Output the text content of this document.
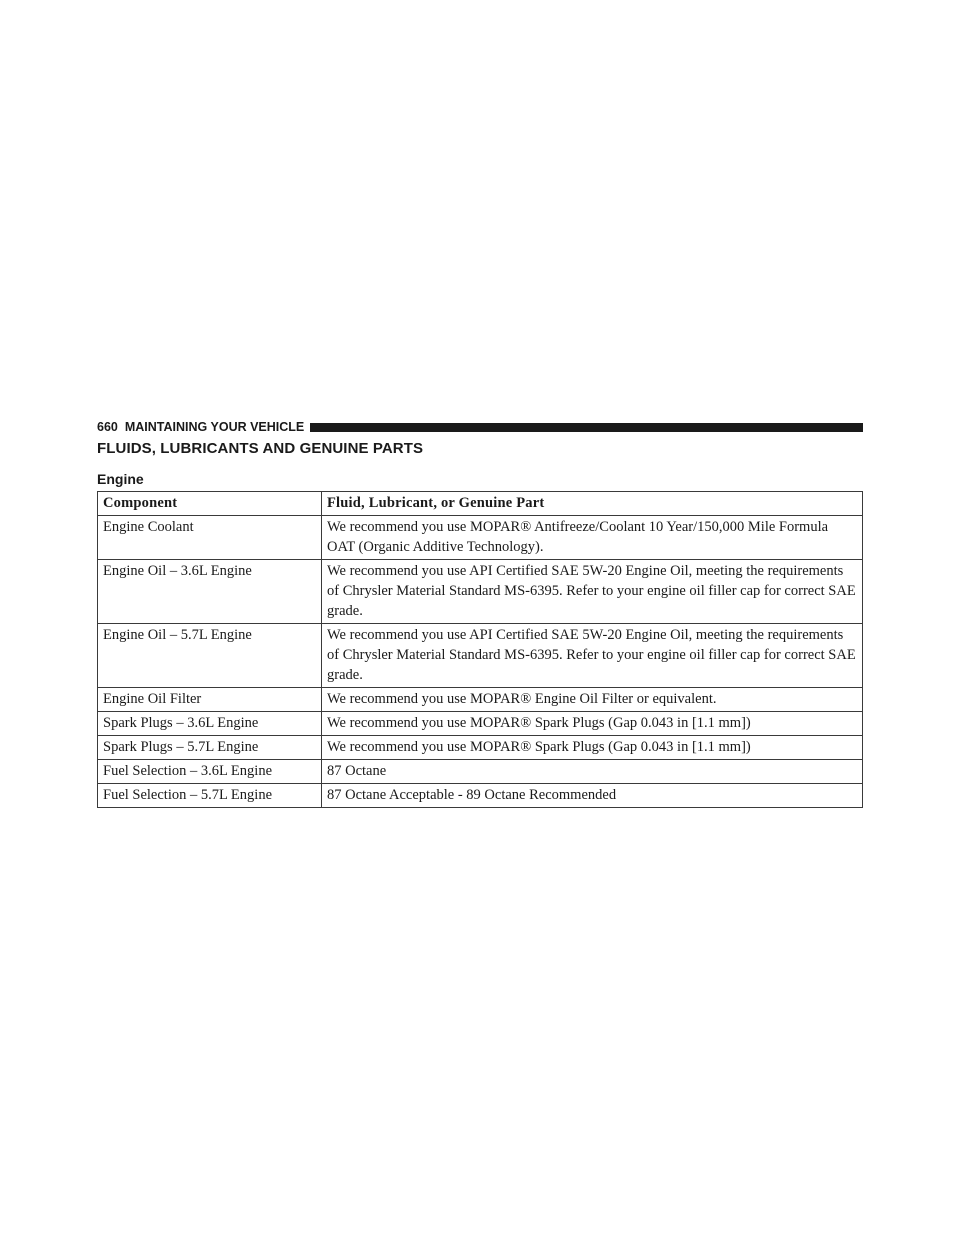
660 MAINTAINING YOUR VEHICLE
FLUIDS, LUBRICANTS AND GENUINE PARTS
Engine
Component	Fluid, Lubricant, or Genuine Part
Engine Coolant	We recommend you use MOPAR® Antifreeze/Coolant 10 Year/150,000 Mile Formula OAT (Organic Additive Technology).
Engine Oil – 3.6L Engine	We recommend you use API Certified SAE 5W-20 Engine Oil, meeting the requirements of Chrysler Material Standard MS-6395. Refer to your engine oil filler cap for correct SAE grade.
Engine Oil – 5.7L Engine	We recommend you use API Certified SAE 5W-20 Engine Oil, meeting the requirements of Chrysler Material Standard MS-6395. Refer to your engine oil filler cap for correct SAE grade.
Engine Oil Filter	We recommend you use MOPAR® Engine Oil Filter or equivalent.
Spark Plugs – 3.6L Engine	We recommend you use MOPAR® Spark Plugs (Gap 0.043 in [1.1 mm])
Spark Plugs – 5.7L Engine	We recommend you use MOPAR® Spark Plugs (Gap 0.043 in [1.1 mm])
Fuel Selection – 3.6L Engine	87 Octane
Fuel Selection – 5.7L Engine	87 Octane Acceptable - 89 Octane Recommended
